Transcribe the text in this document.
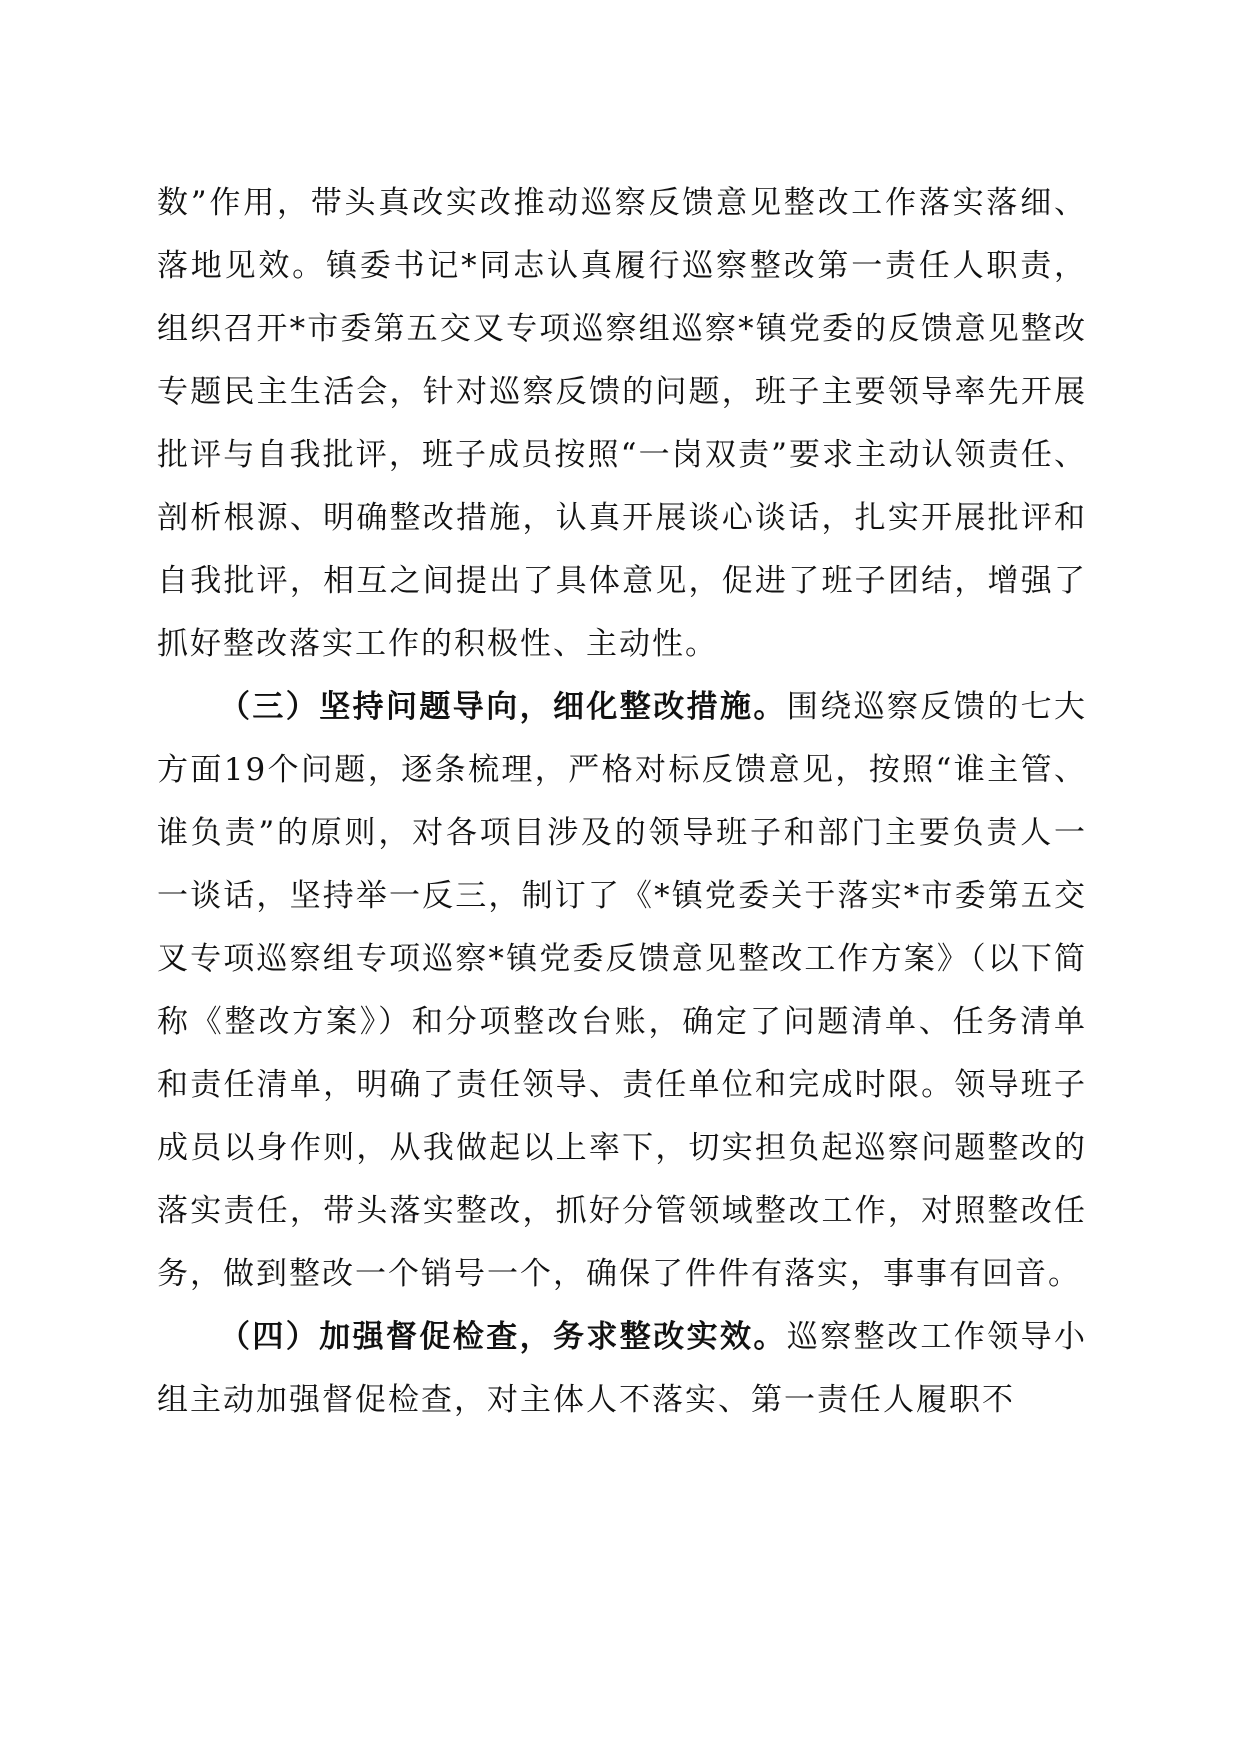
数”作用，带头真改实改推动巡察反馈意见整改工作落实落细、落地见效。镇委书记*同志认真履行巡察整改第一责任人职责，组织召开*市委第五交叉专项巡察组巡察*镇党委的反馈意见整改专题民主生活会，针对巡察反馈的问题，班子主要领导率先开展批评与自我批评，班子成员按照“一岗双责”要求主动认领责任、剖析根源、明确整改措施，认真开展谈心谈话，扎实开展批评和自我批评，相互之间提出了具体意见，促进了班子团结，增强了抓好整改落实工作的积极性、主动性。

（三）坚持问题导向，细化整改措施。围绕巡察反馈的七大方面19个问题，逐条梳理，严格对标反馈意见，按照“谁主管、谁负责”的原则，对各项目涉及的领导班子和部门主要负责人一一谈话，坚持举一反三，制订了《*镇党委关于落实*市委第五交叉专项巡察组专项巡察*镇党委反馈意见整改工作方案》（以下简称《整改方案》）和分项整改台账，确定了问题清单、任务清单和责任清单，明确了责任领导、责任单位和完成时限。领导班子成员以身作则，从我做起以上率下，切实担负起巡察问题整改的落实责任，带头落实整改，抓好分管领域整改工作，对照整改任务，做到整改一个销号一个，确保了件件有落实，事事有回音。

（四）加强督促检查，务求整改实效。巡察整改工作领导小组主动加强督促检查，对主体人不落实、第一责任人履职不
